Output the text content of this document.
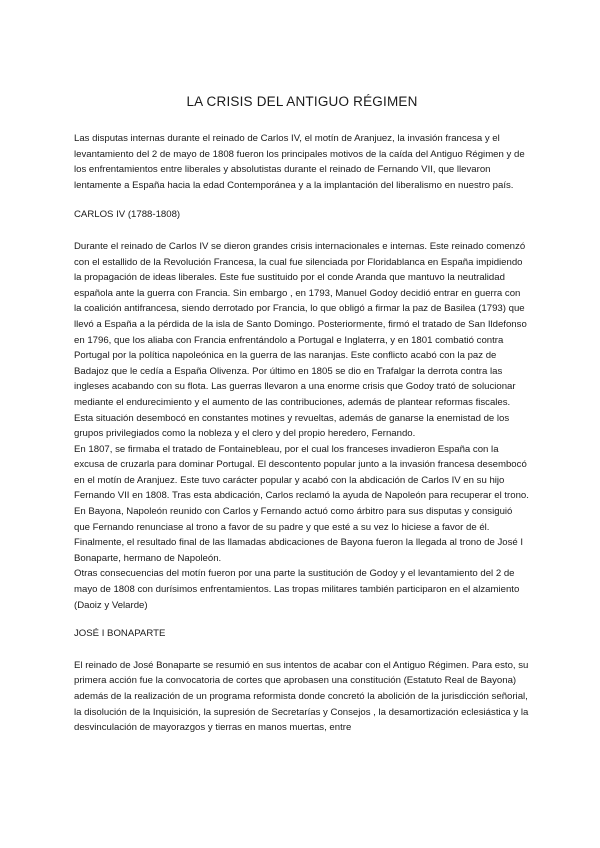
LA CRISIS DEL ANTIGUO RÉGIMEN

Las disputas internas durante el reinado de Carlos IV, el motín de Aranjuez, la invasión francesa y el levantamiento del 2 de mayo de 1808 fueron los principales motivos de la caída del Antiguo Régimen y de los enfrentamientos entre liberales y absolutistas durante el reinado de Fernando VII, que llevaron lentamente a España hacia la edad Contemporánea y a la implantación del liberalismo en nuestro país.

CARLOS IV (1788-1808)

Durante el reinado de Carlos IV se dieron grandes crisis internacionales e internas. Este reinado comenzó con el estallido de la Revolución Francesa, la cual fue silenciada por Floridablanca en España impidiendo la propagación de ideas liberales. Este fue sustituido por el conde Aranda que mantuvo la neutralidad española ante la guerra con Francia. Sin embargo , en 1793, Manuel Godoy decidió entrar en guerra con la coalición antifrancesa, siendo derrotado por Francia, lo que obligó a firmar la paz de Basilea (1793) que llevó a España a la pérdida de la isla de Santo Domingo. Posteriormente, firmó el tratado de San Ildefonso en 1796, que los aliaba con Francia enfrentándolo a Portugal e Inglaterra, y en 1801 combatió contra Portugal por la política napoleónica en la guerra de las naranjas. Este conflicto acabó con la paz de Badajoz que le cedía a España Olivenza. Por último en 1805 se dio en Trafalgar la derrota contra las ingleses acabando con su flota. Las guerras llevaron a una enorme crisis que Godoy trató de solucionar mediante el endurecimiento y el aumento de las contribuciones, además de plantear reformas fiscales. Esta situación desembocó en constantes motines y revueltas, además de ganarse la enemistad de los grupos privilegiados como la nobleza y el clero y del propio heredero, Fernando.

En 1807, se firmaba el tratado de Fontainebleau, por el cual los franceses invadieron España con la excusa de cruzarla para dominar Portugal. El descontento popular junto a la invasión francesa desembocó en el motín de Aranjuez. Este tuvo carácter popular y acabó con la abdicación de Carlos IV en su hijo Fernando VII en 1808. Tras esta abdicación, Carlos reclamó la ayuda de Napoleón para recuperar el trono. En Bayona, Napoleón reunido con Carlos y Fernando actuó como árbitro para sus disputas y consiguió que Fernando renunciase al trono a favor de su padre y que esté a su vez lo hiciese a favor de él. Finalmente, el resultado final de las llamadas abdicaciones de Bayona fueron la llegada al trono de José I Bonaparte, hermano de Napoleón.

Otras consecuencias del motín fueron por una parte la sustitución de Godoy y el levantamiento del 2 de mayo de 1808 con durísimos enfrentamientos. Las tropas militares también participaron en el alzamiento (Daoiz y Velarde)

JOSÉ I BONAPARTE

El reinado de José Bonaparte se resumió en sus intentos de acabar con el Antiguo Régimen. Para esto, su primera acción fue la convocatoria de cortes que aprobasen una constitución (Estatuto Real de Bayona) además de la realización de un programa reformista donde concretó la abolición de la jurisdicción señorial, la disolución de la Inquisición, la supresión de Secretarías y Consejos , la desamortización eclesiástica y la desvinculación de mayorazgos y tierras en manos muertas, entre
